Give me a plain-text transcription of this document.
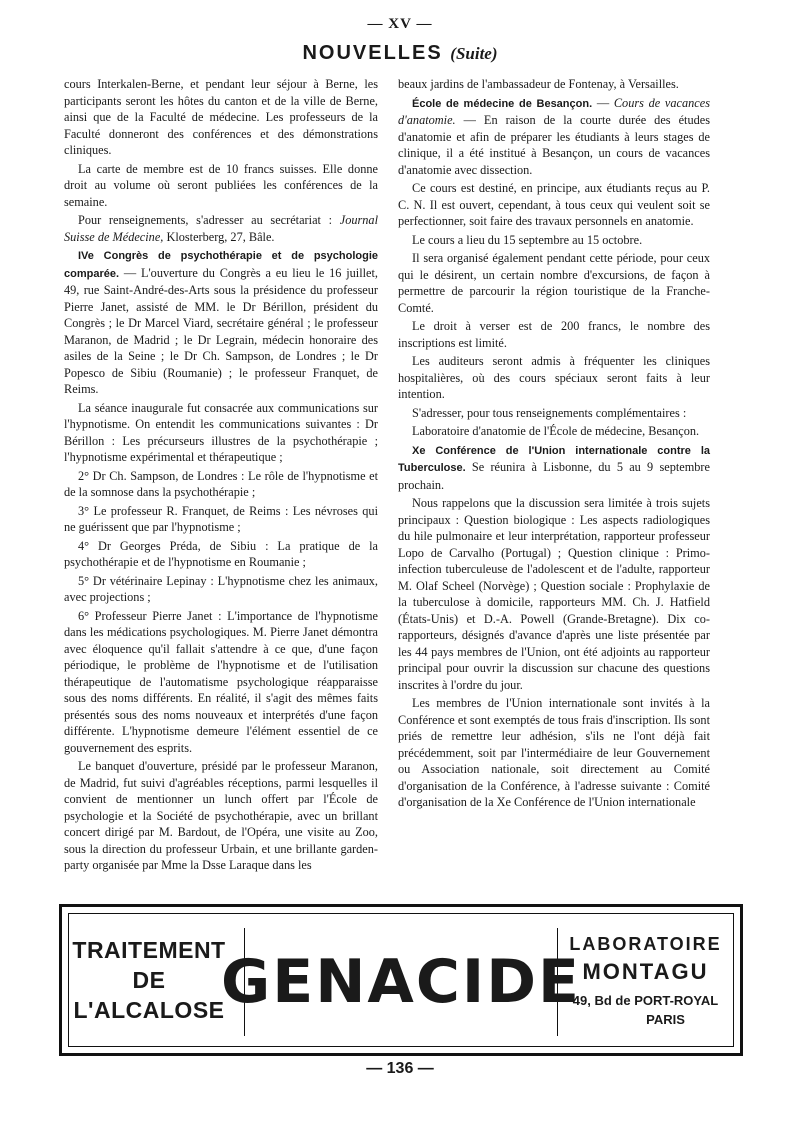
— XV —
NOUVELLES (Suite)

cours Interkalen-Berne, et pendant leur séjour à Berne, les participants seront les hôtes du canton et de la ville de Berne, ainsi que de la Faculté de médecine. Les professeurs de la Faculté donneront des conférences et des démonstrations cliniques.

La carte de membre est de 10 francs suisses. Elle donne droit au volume où seront publiées les conférences de la semaine.

Pour renseignements, s'adresser au secrétariat : Journal Suisse de Médecine, Klosterberg, 27, Bâle.

IVe Congrès de psychothérapie et de psychologie comparée. — L'ouverture du Congrès a eu lieu le 16 juillet, 49, rue Saint-André-des-Arts sous la présidence du professeur Pierre Janet, assisté de MM. le Dr Bérillon, président du Congrès ; le Dr Marcel Viard, secrétaire général ; le professeur Maranon, de Madrid ; le Dr Legrain, médecin honoraire des asiles de la Seine ; le Dr Ch. Sampson, de Londres ; le Dr Popesco de Sibiu (Roumanie) ; le professeur Franquet, de Reims.

La séance inaugurale fut consacrée aux communications sur l'hypnotisme. On entendit les communications suivantes : Dr Bérillon : Les précurseurs illustres de la psychothérapie ; l'hypnotisme expérimental et thérapeutique ;

2° Dr Ch. Sampson, de Londres : Le rôle de l'hypnotisme et de la somnose dans la psychothérapie ;

3° Le professeur R. Franquet, de Reims : Les névroses qui ne guérissent que par l'hypnotisme ;

4° Dr Georges Préda, de Sibiu : La pratique de la psychothérapie et de l'hypnotisme en Roumanie ;

5° Dr vétérinaire Lepinay : L'hypnotisme chez les animaux, avec projections ;

6° Professeur Pierre Janet : L'importance de l'hypnotisme dans les médications psychologiques. M. Pierre Janet démontra avec éloquence qu'il fallait s'attendre à ce que, d'une façon périodique, le problème de l'hypnotisme et de l'utilisation thérapeutique de l'automatisme psychologique réapparaisse sous des noms différents. En réalité, il s'agit des mêmes faits présentés sous des noms nouveaux et interprétés d'une façon différente. L'hypnotisme demeure l'élément essentiel de ce gouvernement des esprits.

Le banquet d'ouverture, présidé par le professeur Maranon, de Madrid, fut suivi d'agréables réceptions, parmi lesquelles il convient de mentionner un lunch offert par l'École de psychologie et la Société de psychothérapie, avec un brillant concert dirigé par M. Bardout, de l'Opéra, une visite au Zoo, sous la direction du professeur Urbain, et une brillante garden-party organisée par Mme la Dsse Laraque dans les

beaux jardins de l'ambassadeur de Fontenay, à Versailles.

École de médecine de Besançon. — Cours de vacances d'anatomie. — En raison de la courte durée des études d'anatomie et afin de préparer les étudiants à leurs stages de clinique, il a été institué à Besançon, un cours de vacances d'anatomie avec dissection.

Ce cours est destiné, en principe, aux étudiants reçus au P. C. N. Il est ouvert, cependant, à tous ceux qui veulent soit se perfectionner, soit faire des travaux personnels en anatomie.

Le cours a lieu du 15 septembre au 15 octobre.

Il sera organisé également pendant cette période, pour ceux qui le désirent, un certain nombre d'excursions, de façon à permettre de parcourir la région touristique de la Franche-Comté.

Le droit à verser est de 200 francs, le nombre des inscriptions est limité.

Les auditeurs seront admis à fréquenter les cliniques hospitalières, où des cours spéciaux seront faits à leur intention.

S'adresser, pour tous renseignements complémentaires :

Laboratoire d'anatomie de l'École de médecine, Besançon.

Xe Conférence de l'Union internationale contre la Tuberculose. Se réunira à Lisbonne, du 5 au 9 septembre prochain.

Nous rappelons que la discussion sera limitée à trois sujets principaux : Question biologique : Les aspects radiologiques du hile pulmonaire et leur interprétation, rapporteur professeur Lopo de Carvalho (Portugal) ; Question clinique : Primo-infection tuberculeuse de l'adolescent et de l'adulte, rapporteur M. Olaf Scheel (Norvège) ; Question sociale : Prophylaxie de la tuberculose à domicile, rapporteurs MM. Ch. J. Hatfield (États-Unis) et D.-A. Powell (Grande-Bretagne). Dix co-rapporteurs, désignés d'avance d'après une liste présentée par les 44 pays membres de l'Union, ont été adjoints au rapporteur principal pour ouvrir la discussion sur chacune des questions inscrites à l'ordre du jour.

Les membres de l'Union internationale sont invités à la Conférence et sont exemptés de tous frais d'inscription. Ils sont priés de remettre leur adhésion, s'ils ne l'ont déjà fait précédemment, soit par l'intermédiaire de leur Gouvernement ou Association nationale, soit directement au Comité d'organisation de la Conférence, à l'adresse suivante : Comité d'organisation de la Xe Conférence de l'Union internationale

TRAITEMENT
DE
L'ALCALOSE
GENACIDE
LABORATOIRE
MONTAGU
49, Bd de PORT-ROYAL
PARIS
— 136 —
